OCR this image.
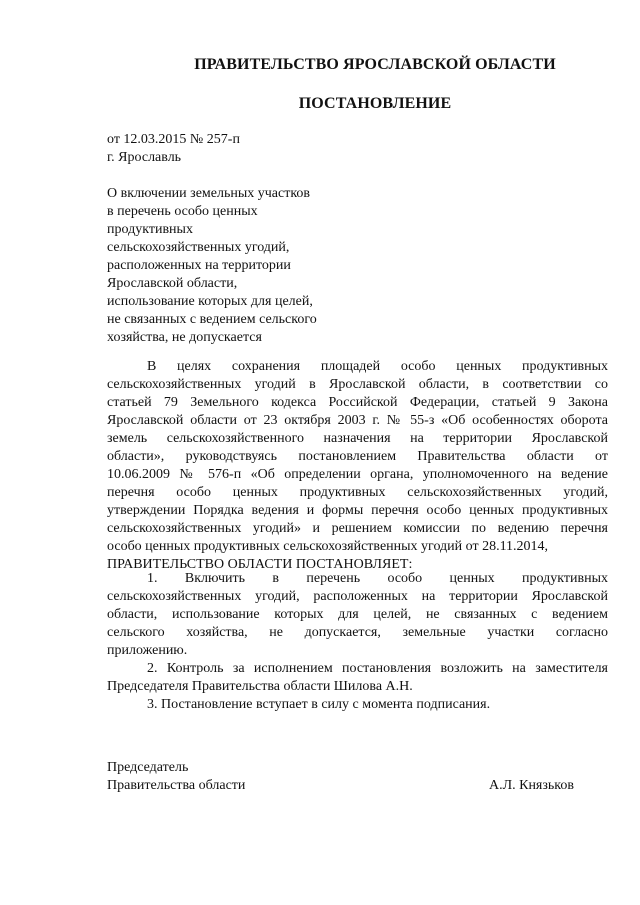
ПРАВИТЕЛЬСТВО ЯРОСЛАВСКОЙ ОБЛАСТИ
ПОСТАНОВЛЕНИЕ
от 12.03.2015 № 257-п
г. Ярославль
О включении земельных участков
в перечень особо ценных
продуктивных
сельскохозяйственных угодий,
расположенных на территории
Ярославской области,
использование которых для целей,
не связанных с ведением сельского
хозяйства, не допускается
В целях сохранения площадей особо ценных продуктивных
сельскохозяйственных угодий в Ярославской области, в соответствии со
статьей 79 Земельного кодекса Российской Федерации, статьей 9 Закона
Ярославской области от 23 октября 2003 г. № 55-з «Об особенностях оборота
земель сельскохозяйственного назначения на территории Ярославской
области», руководствуясь постановлением Правительства области от
10.06.2009 № 576-п «Об определении органа, уполномоченного на ведение
перечня особо ценных продуктивных сельскохозяйственных угодий,
утверждении Порядка ведения и формы перечня особо ценных продуктивных
сельскохозяйственных угодий» и решением комиссии по ведению перечня
особо ценных продуктивных сельскохозяйственных угодий от 28.11.2014,
ПРАВИТЕЛЬСТВО ОБЛАСТИ ПОСТАНОВЛЯЕТ:
1. Включить в перечень особо ценных продуктивных
сельскохозяйственных угодий, расположенных на территории Ярославской
области, использование которых для целей, не связанных с ведением
сельского хозяйства, не допускается, земельные участки согласно
приложению.
2. Контроль за исполнением постановления возложить на заместителя
Председателя Правительства области Шилова А.Н.
3. Постановление вступает в силу с момента подписания.
Председатель
Правительства области	А.Л. Князьков
